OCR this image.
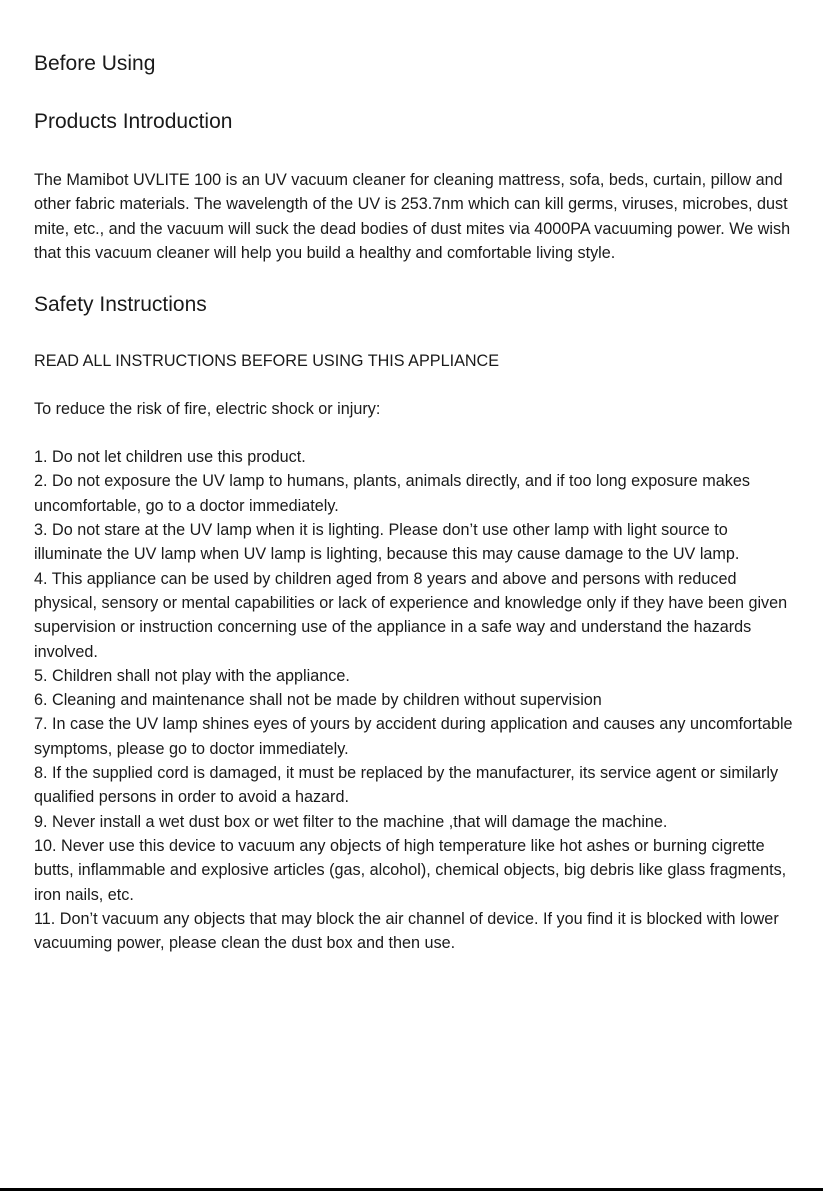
Before Using
Products Introduction

The Mamibot UVLITE 100 is an UV vacuum cleaner for cleaning mattress, sofa, beds, curtain, pillow and other fabric materials. The wavelength of the UV is 253.7nm which can kill germs, viruses, microbes, dust mite, etc., and the vacuum will suck the dead bodies of dust mites via 4000PA vacuuming power. We wish that this vacuum cleaner will help you build a healthy and comfortable living style.

Safety Instructions

READ ALL INSTRUCTIONS BEFORE USING THIS APPLIANCE

To reduce the risk of fire, electric shock or injury:

1. Do not let children use this product.
2. Do not exposure the UV lamp to humans, plants, animals directly, and if too long exposure makes uncomfortable, go to a doctor immediately.
3. Do not stare at the UV lamp when it is lighting. Please don’t use other lamp with light source to illuminate the UV lamp when UV lamp is lighting, because this may cause damage to the UV lamp.
4. This appliance can be used by children aged from 8 years and above and persons with reduced physical, sensory or mental capabilities or lack of experience and knowledge only if they have been given supervision or instruction concerning use of the appliance in a safe way and understand the hazards involved.
5. Children shall not play with the appliance.
6. Cleaning and maintenance shall not be made by children without supervision
7. In case the UV lamp shines eyes of yours by accident during application and causes any uncomfortable symptoms, please go to doctor immediately.
8. If the supplied cord is damaged, it must be replaced by the manufacturer, its service agent or similarly qualified persons in order to avoid a hazard.
9. Never install a wet dust box or wet filter to the machine ,that will damage the machine.
10. Never use this device to vacuum any objects of high temperature like hot ashes or burning cigrette butts, inflammable and explosive articles (gas, alcohol), chemical objects, big debris like glass fragments, iron nails, etc.
11. Don’t vacuum any objects that may block the air channel of device. If you find it is blocked with lower vacuuming power, please clean the dust box and then use.
